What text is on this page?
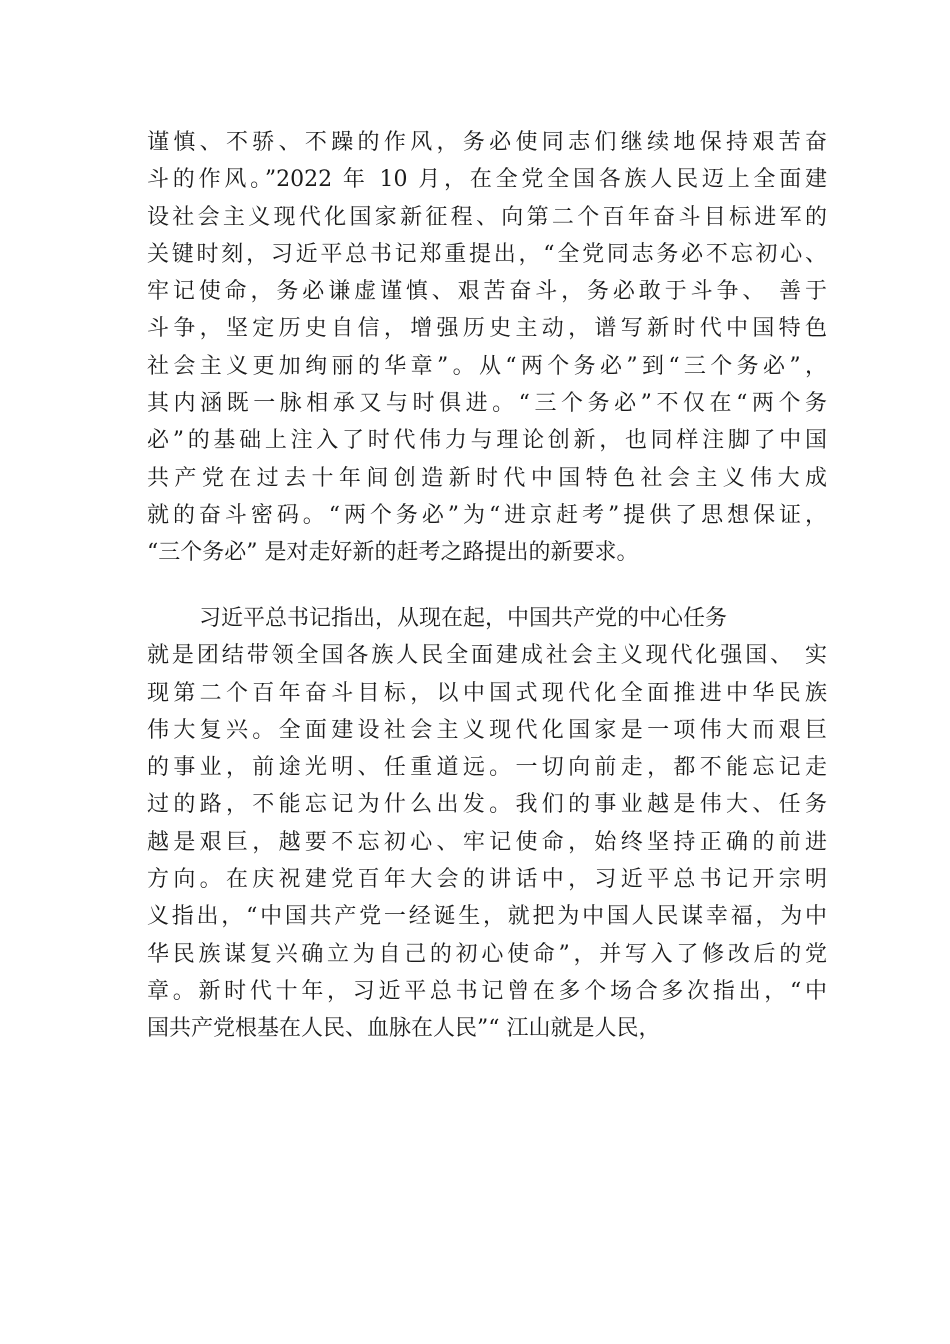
谨慎、不骄、不躁的作风，务必使同志们继续地保持艰苦奋
斗的作风。”2022 年 10 月，在全党全国各族人民迈上全面建
设社会主义现代化国家新征程、向第二个百年奋斗目标进军的
关键时刻，习近平总书记郑重提出，“全党同志务必不忘初心、
牢记使命，务必谦虚谨慎、艰苦奋斗，务必敢于斗争、 善于
斗争，坚定历史自信，增强历史主动，谱写新时代中国特色
社会主义更加绚丽的华章”。从“两个务必”到“三个务必”，
其内涵既一脉相承又与时俱进。“三个务必”不仅在“两个务
必”的基础上注入了时代伟力与理论创新，也同样注脚了中国
共产党在过去十年间创造新时代中国特色社会主义伟大成
就的奋斗密码。“两个务必”为“进京赶考”提供了思想保证，
“三个务必” 是对走好新的赶考之路提出的新要求。
习近平总书记指出，从现在起，中国共产党的中心任务
就是团结带领全国各族人民全面建成社会主义现代化强国、 实
现第二个百年奋斗目标，以中国式现代化全面推进中华民族
伟大复兴。全面建设社会主义现代化国家是一项伟大而艰巨
的事业，前途光明、任重道远。一切向前走，都不能忘记走
过的路，不能忘记为什么出发。我们的事业越是伟大、任务
越是艰巨，越要不忘初心、牢记使命，始终坚持正确的前进
方向。在庆祝建党百年大会的讲话中，习近平总书记开宗明
义指出，“中国共产党一经诞生，就把为中国人民谋幸福，为中
华民族谋复兴确立为自己的初心使命”，并写入了修改后的党
章。新时代十年，习近平总书记曾在多个场合多次指出，“中
国共产党根基在人民、血脉在人民”“ 江山就是人民，
